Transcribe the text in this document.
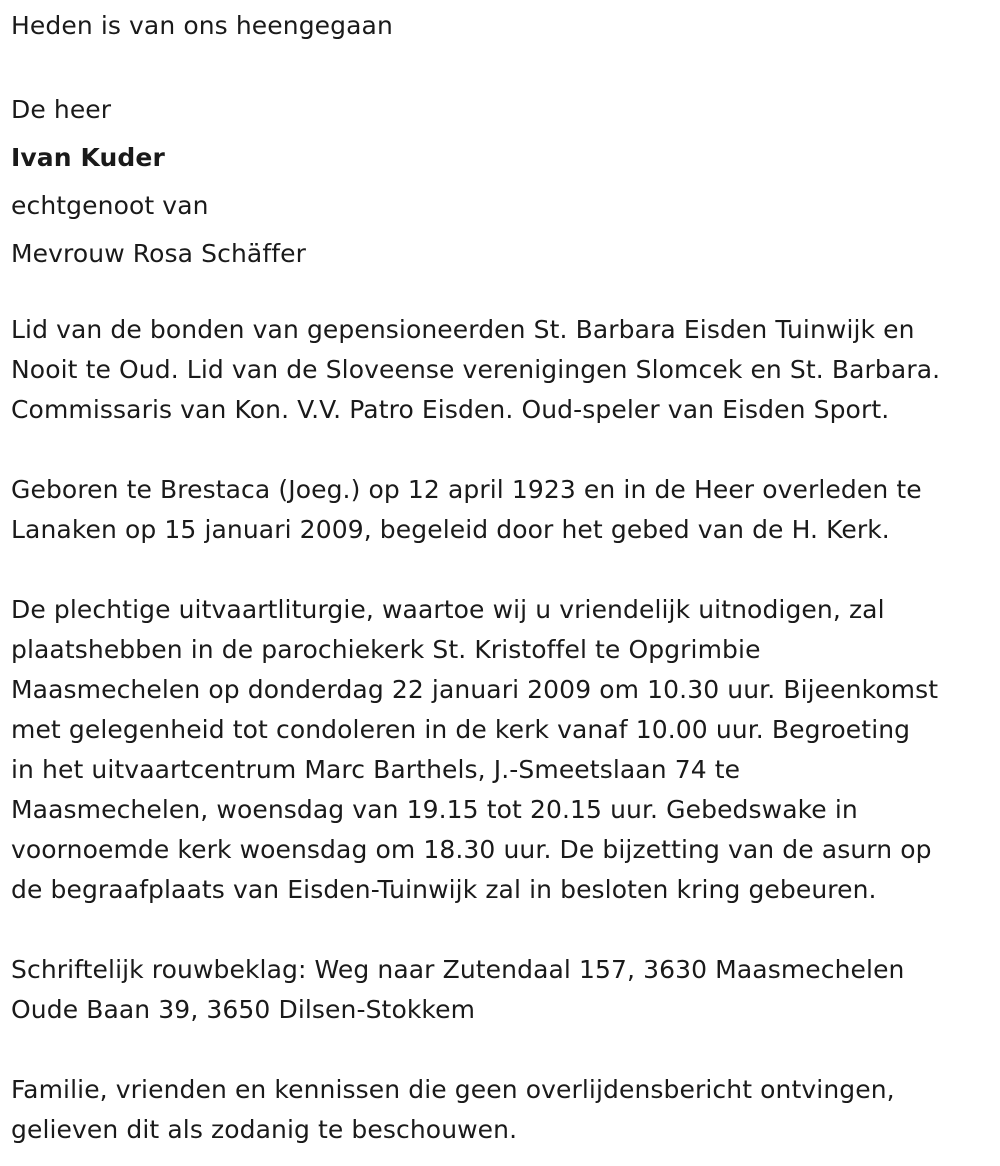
Heden is van ons heengegaan
De heer
Ivan Kuder
echtgenoot van
Mevrouw Rosa Schäffer
Lid van de bonden van gepensioneerden St. Barbara Eisden Tuinwijk en
Nooit te Oud. Lid van de Sloveense verenigingen Slomcek en St. Barbara.
Commissaris van Kon. V.V. Patro Eisden. Oud-speler van Eisden Sport.
Geboren te Brestaca (Joeg.) op 12 april 1923 en in de Heer overleden te
Lanaken op 15 januari 2009, begeleid door het gebed van de H. Kerk.
De plechtige uitvaartliturgie, waartoe wij u vriendelijk uitnodigen, zal
plaatshebben in de parochiekerk St. Kristoffel te Opgrimbie
Maasmechelen op donderdag 22 januari 2009 om 10.30 uur. Bijeenkomst
met gelegenheid tot condoleren in de kerk vanaf 10.00 uur. Begroeting
in het uitvaartcentrum Marc Barthels, J.-Smeetslaan 74 te
Maasmechelen, woensdag van 19.15 tot 20.15 uur. Gebedswake in
voornoemde kerk woensdag om 18.30 uur. De bijzetting van de asurn op
de begraafplaats van Eisden-Tuinwijk zal in besloten kring gebeuren.
Schriftelijk rouwbeklag: Weg naar Zutendaal 157, 3630 Maasmechelen
Oude Baan 39, 3650 Dilsen-Stokkem
Familie, vrienden en kennissen die geen overlijdensbericht ontvingen,
gelieven dit als zodanig te beschouwen.
